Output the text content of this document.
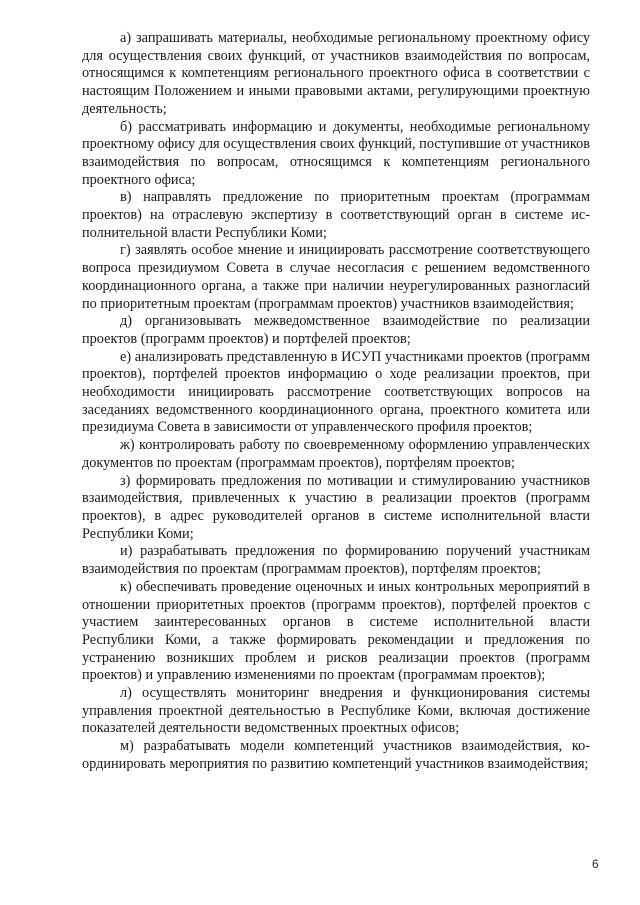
а) запрашивать материалы, необходимые региональному проектному офису для осуществления своих функций, от участников взаимодействия по вопросам, относящимся к компетенциям регионального проектного офиса в соответствии с настоящим Положением и иными правовыми актами, регулирующими проектную деятельность;

б) рассматривать информацию и документы, необходимые региональному проектному офису для осуществления своих функций, поступившие от участников взаимодействия по вопросам, относящимся к компетенциям регионального проектного офиса;

в) направлять предложение по приоритетным проектам (программам проектов) на отраслевую экспертизу в соответствующий орган в системе исполнительной власти Республики Коми;

г) заявлять особое мнение и инициировать рассмотрение соответствующего вопроса президиумом Совета в случае несогласия с решением ведомственного координационного органа, а также при наличии неурегулированных разногласий по приоритетным проектам (программам проектов) участников взаимодействия;

д) организовывать межведомственное взаимодействие по реализации проектов (программ проектов) и портфелей проектов;

е) анализировать представленную в ИСУП участниками проектов (программ проектов), портфелей проектов информацию о ходе реализации проектов, при необходимости инициировать рассмотрение соответствующих вопросов на заседаниях ведомственного координационного органа, проектного комитета или президиума Совета в зависимости от управленческого профиля проектов;

ж) контролировать работу по своевременному оформлению управленческих документов по проектам (программам проектов), портфелям проектов;

з) формировать предложения по мотивации и стимулированию участников взаимодействия, привлеченных к участию в реализации проектов (программ проектов), в адрес руководителей органов в системе исполнительной власти Республики Коми;

и) разрабатывать предложения по формированию поручений участникам взаимодействия по проектам (программам проектов), портфелям проектов;

к) обеспечивать проведение оценочных и иных контрольных мероприятий в отношении приоритетных проектов (программ проектов), портфелей проектов с участием заинтересованных органов в системе исполнительной власти Республики Коми, а также формировать рекомендации и предложения по устранению возникших проблем и рисков реализации проектов (программ проектов) и управлению изменениями по проектам (программам проектов);

л) осуществлять мониторинг внедрения и функционирования системы управления проектной деятельностью в Республике Коми, включая достижение показателей деятельности ведомственных проектных офисов;

м) разрабатывать модели компетенций участников взаимодействия, координировать мероприятия по развитию компетенций участников взаимодействия;

6
